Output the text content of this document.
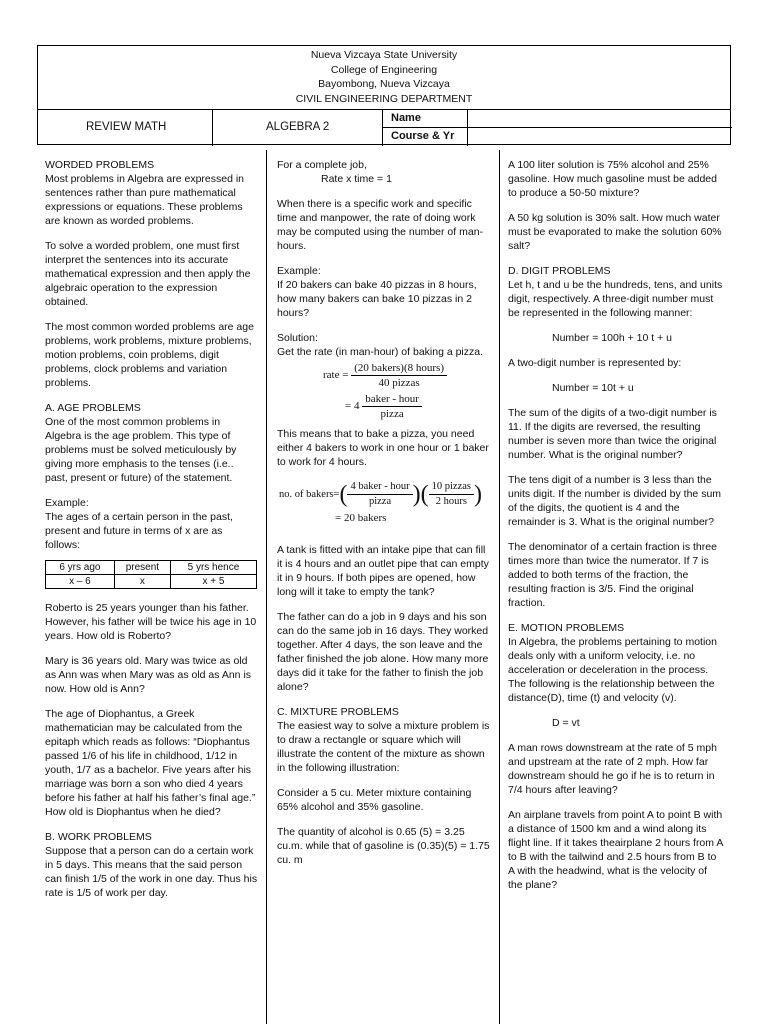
Nueva Vizcaya State University
College of Engineering
Bayombong, Nueva Vizcaya
CIVIL ENGINEERING DEPARTMENT
REVIEW MATH	ALGEBRA 2
Name
Course & Yr
WORDED PROBLEMS

Most problems in Algebra are expressed in sentences rather than pure mathematical expressions or equations. These problems are known as worded problems.

To solve a worded problem, one must first interpret the sentences into its accurate mathematical expression and then apply the algebraic operation to the expression obtained.

The most common worded problems are age problems, work problems, mixture problems, motion problems, coin problems, digit problems, clock problems and variation problems.

A. AGE PROBLEMS

One of the most common problems in Algebra is the age problem. This type of problems must be solved meticulously by giving more emphasis to the tenses (i.e.. past, present or future) of the statement.

Example:
The ages of a certain person in the past, present and future in terms of x are as follows:
6 yrs ago	present	5 yrs hence
x – 6	x	x + 5

Roberto is 25 years younger than his father. However, his father will be twice his age in 10 years. How old is Roberto?

Mary is 36 years old. Mary was twice as old as Ann was when Mary was as old as Ann is now. How old is Ann?

The age of Diophantus, a Greek mathematician may be calculated from the epitaph which reads as follows: “Diophantus passed 1/6 of his life in childhood, 1/12 in youth, 1/7 as a bachelor. Five years after his marriage was born a son who died 4 years before his father at half his father’s final age.” How old is Diophantus when he died?

B. WORK PROBLEMS

Suppose that a person can do a certain work in 5 days. This means that the said person can finish 1/5 of the work in one day. Thus his rate is 1/5 of work per day.

For a complete job,

Rate x time = 1

When there is a specific work and specific time and manpower, the rate of doing work may be computed using the number of man-hours.

Example:

If 20 bakers can bake 40 pizzas in 8 hours, how many bakers can bake 10 pizzas in 2 hours?

Solution:
Get the rate (in man-hour) of baking a pizza.
rate = $\frac{\text{(20 bakers)(8 hours)}}{\text{40 pizzas}}$
= $4 \frac{\text{baker - hour}}{\text{pizza}}$

This means that to bake a pizza, you need either 4 bakers to work in one hour or 1 baker to work for 4 hours.

no. of bakers=( $\frac{\text{4 baker - hour}}{\text{pizza}}$ )( $\frac{\text{10 pizzas}}{\text{2 hours}}$ )

= 20 bakers

A tank is fitted with an intake pipe that can fill it is 4 hours and an outlet pipe that can empty it in 9 hours. If both pipes are opened, how long will it take to empty the tank?

The father can do a job in 9 days and his son can do the same job in 16 days. They worked together. After 4 days, the son leave and the father finished the job alone. How many more days did it take for the father to finish the job alone?

C. MIXTURE PROBLEMS

The easiest way to solve a mixture problem is to draw a rectangle or square which will illustrate the content of the mixture as shown in the following illustration:

Consider a 5 cu. Meter mixture containing 65% alcohol and 35% gasoline.

The quantity of alcohol is 0.65 (5) = 3.25 cu.m. while that of gasoline is (0.35)(5) = 1.75 cu. m

A 100 liter solution is 75% alcohol and 25% gasoline. How much gasoline must be added to produce a 50-50 mixture?

A 50 kg solution is 30% salt. How much water must be evaporated to make the solution 60% salt?

D. DIGIT PROBLEMS

Let h, t and u be the hundreds, tens, and units digit, respectively. A three-digit number must be represented in the following manner:

Number = 100h + 10 t + u

A two-digit number is represented by:

Number = 10t + u

The sum of the digits of a two-digit number is 11. If the digits are reversed, the resulting number is seven more than twice the original number. What is the original number?

The tens digit of a number is 3 less than the units digit. If the number is divided by the sum of the digits, the quotient is 4 and the remainder is 3. What is the original number?

The denominator of a certain fraction is three times more than twice the numerator. If 7 is added to both terms of the fraction, the resulting fraction is 3/5. Find the original fraction.

E. MOTION PROBLEMS

In Algebra, the problems pertaining to motion deals only with a uniform velocity, i.e. no acceleration or deceleration in the process. The following is the relationship between the distance(D), time (t) and velocity (v).

D = vt

A man rows downstream at the rate of 5 mph and upstream at the rate of 2 mph. How far downstream should he go if he is to return in 7/4 hours after leaving?

An airplane travels from point A to point B with a distance of 1500 km and a wind along its flight line. If it takes theairplane 2 hours from A to B with the tailwind and 2.5 hours from B to A with the headwind, what is the velocity of the plane?
